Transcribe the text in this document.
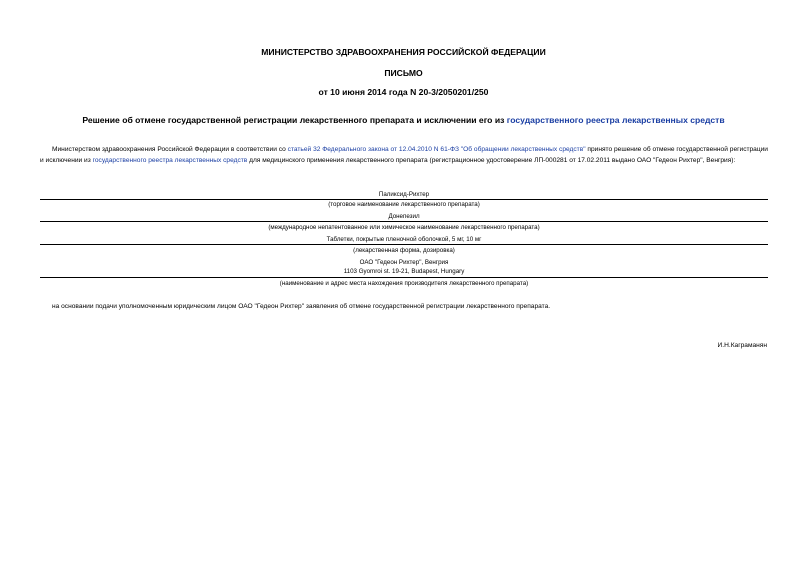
МИНИСТЕРСТВО ЗДРАВООХРАНЕНИЯ РОССИЙСКОЙ ФЕДЕРАЦИИ
ПИСЬМО
от 10 июня 2014 года N 20-3/2050201/250
Решение об отмене государственной регистрации лекарственного препарата и исключении его из государственного реестра лекарственных средств
Министерством здравоохранения Российской Федерации в соответствии со статьей 32 Федерального закона от 12.04.2010 N 61-ФЗ "Об обращении лекарственных средств" принято решение об отмене государственной регистрации и исключении из государственного реестра лекарственных средств для медицинского применения лекарственного препарата (регистрационное удостоверение ЛП-000281 от 17.02.2011 выдано ОАО "Гедеон Рихтер", Венгрия):
Паликсид-Рихтер
(торговое наименование лекарственного препарата)
Донепезил
(международное непатентованное или химическое наименование лекарственного препарата)
Таблетки, покрытые пленочной оболочкой, 5 мг, 10 мг
(лекарственная форма, дозировка)
ОАО "Гедеон Рихтер", Венгрия
1103 Gyomroi st. 19-21, Budapest, Hungary
(наименование и адрес места нахождения производителя лекарственного препарата)
на основании подачи уполномоченным юридическим лицом ОАО "Гедеон Рихтер" заявления об отмене государственной регистрации лекарственного препарата.
И.Н.Каграманян
